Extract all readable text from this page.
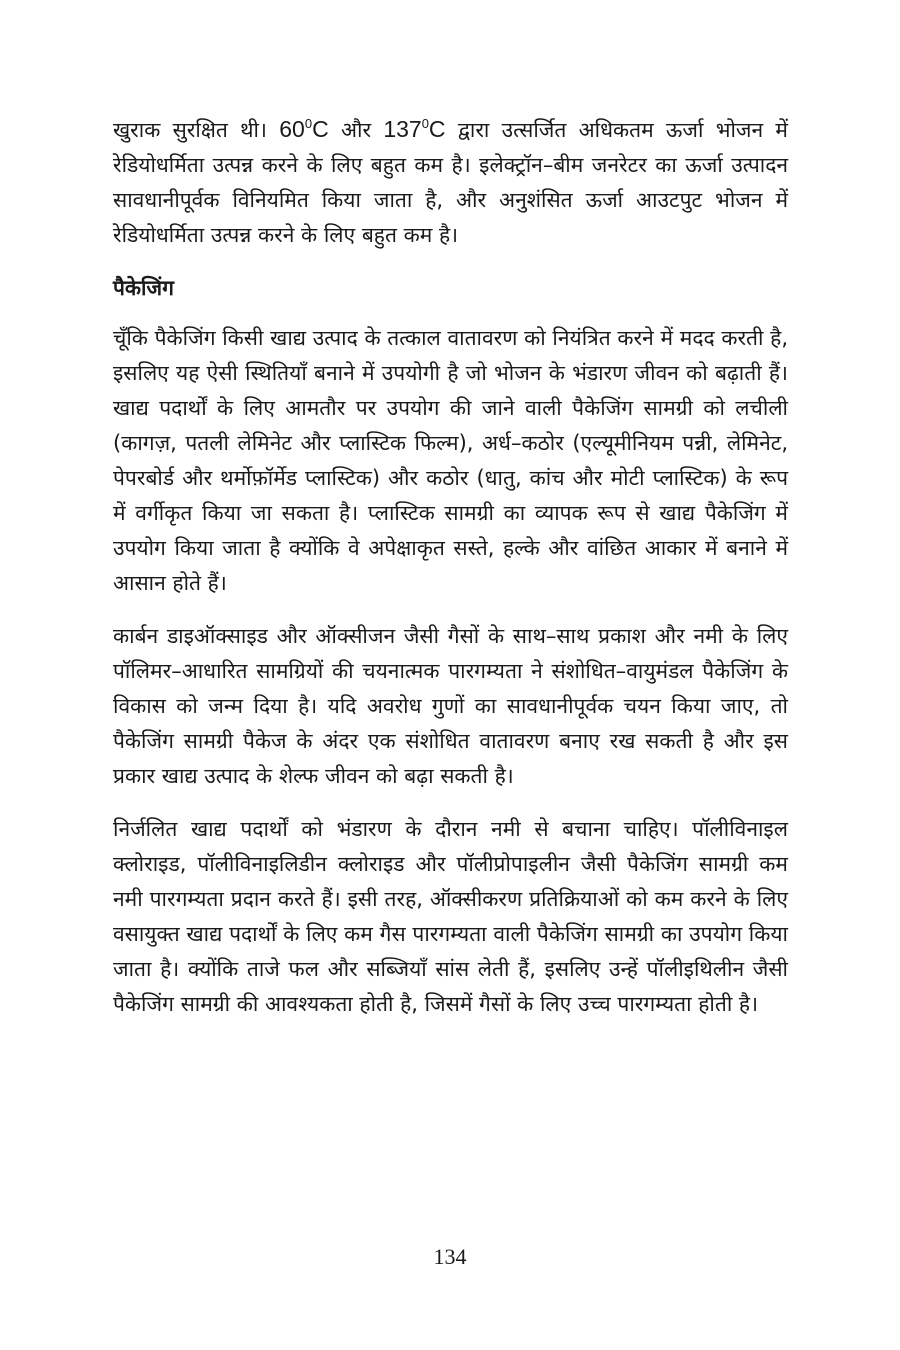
खुराक सुरक्षित थी। $60^0C$ और $137^0C$ द्वारा उत्सर्जित अधिकतम ऊर्जा भोजन में रेडियोधर्मिता उत्पन्न करने के लिए बहुत कम है। इलेक्ट्रॉन–बीम जनरेटर का ऊर्जा उत्पादन सावधानीपूर्वक विनियमित किया जाता है, और अनुशंसित ऊर्जा आउटपुट भोजन में रेडियोधर्मिता उत्पन्न करने के लिए बहुत कम है।

पैकेजिंग

चूँकि पैकेजिंग किसी खाद्य उत्पाद के तत्काल वातावरण को नियंत्रित करने में मदद करती है, इसलिए यह ऐसी स्थितियाँ बनाने में उपयोगी है जो भोजन के भंडारण जीवन को बढ़ाती हैं। खाद्य पदार्थों के लिए आमतौर पर उपयोग की जाने वाली पैकेजिंग सामग्री को लचीली (कागज़, पतली लेमिनेट और प्लास्टिक फिल्म), अर्ध–कठोर (एल्यूमीनियम पन्नी, लेमिनेट, पेपरबोर्ड और थर्मोफ़ॉर्मेड प्लास्टिक) और कठोर (धातु, कांच और मोटी प्लास्टिक) के रूप में वर्गीकृत किया जा सकता है। प्लास्टिक सामग्री का व्यापक रूप से खाद्य पैकेजिंग में उपयोग किया जाता है क्योंकि वे अपेक्षाकृत सस्ते, हल्के और वांछित आकार में बनाने में आसान होते हैं।

कार्बन डाइऑक्साइड और ऑक्सीजन जैसी गैसों के साथ–साथ प्रकाश और नमी के लिए पॉलिमर–आधारित सामग्रियों की चयनात्मक पारगम्यता ने संशोधित–वायुमंडल पैकेजिंग के विकास को जन्म दिया है। यदि अवरोध गुणों का सावधानीपूर्वक चयन किया जाए, तो पैकेजिंग सामग्री पैकेज के अंदर एक संशोधित वातावरण बनाए रख सकती है और इस प्रकार खाद्य उत्पाद के शेल्फ जीवन को बढ़ा सकती है।

निर्जलित खाद्य पदार्थों को भंडारण के दौरान नमी से बचाना चाहिए। पॉलीविनाइल क्लोराइड, पॉलीविनाइलिडीन क्लोराइड और पॉलीप्रोपाइलीन जैसी पैकेजिंग सामग्री कम नमी पारगम्यता प्रदान करते हैं। इसी तरह, ऑक्सीकरण प्रतिक्रियाओं को कम करने के लिए वसायुक्त खाद्य पदार्थों के लिए कम गैस पारगम्यता वाली पैकेजिंग सामग्री का उपयोग किया जाता है। क्योंकि ताजे फल और सब्जियाँ सांस लेती हैं, इसलिए उन्हें पॉलीइथिलीन जैसी पैकेजिंग सामग्री की आवश्यकता होती है, जिसमें गैसों के लिए उच्च पारगम्यता होती है।

134
